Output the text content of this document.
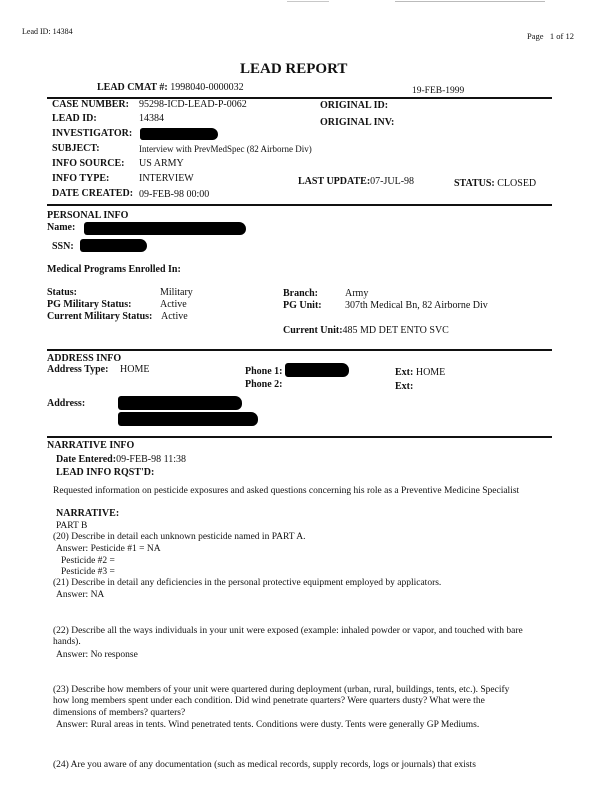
Lead ID: 14384	Page 1 of 12
LEAD REPORT
LEAD CMAT #: 1998040-0000032	19-FEB-1999
CASE NUMBER: 95298-ICD-LEAD-P-0062	ORIGINAL ID:
LEAD ID:	14384	ORIGINAL INV:
INVESTIGATOR:
SUBJECT:	Interview with PrevMedSpec (82 Airborne Div)
INFO SOURCE: US ARMY
INFO TYPE:	INTERVIEW	LAST UPDATE:07-JUL-98	STATUS: CLOSED
DATE CREATED: 09-FEB-98 00:00
PERSONAL INFO
Name:
SSN:
Medical Programs Enrolled In:
Status:	Military
PG Military Status:	Active
Current Military Status: Active
Branch:	Army
PG Unit: 307th Medical Bn, 82 Airborne Div
Current Unit:485 MD DET ENTO SVC
ADDRESS INFO
Address Type: HOME	Phone 1:	Ext: HOME
Phone 2:	Ext:
Address:
NARRATIVE INFO
Date Entered:09-FEB-98 11:38
LEAD INFO RQST'D:
Requested information on pesticide exposures and asked questions concerning his role as a Preventive Medicine Specialist
NARRATIVE:
PART B
(20) Describe in detail each unknown pesticide named in PART A.
Answer: Pesticide #1 = NA
Pesticide #2 =
Pesticide #3 =
(21) Describe in detail any deficiencies in the personal protective equipment employed by applicators.
Answer: NA
(22) Describe all the ways individuals in your unit were exposed (example: inhaled powder or vapor, and touched with bare hands).
Answer: No response
(23) Describe how members of your unit were quartered during deployment (urban, rural, buildings, tents, etc.). Specify how long members spent under each condition. Did wind penetrate quarters? Were quarters dusty? What were the dimensions of members? quarters?
Answer: Rural areas in tents. Wind penetrated tents. Conditions were dusty. Tents were generally GP Mediums.
(24) Are you aware of any documentation (such as medical records, supply records, logs or journals) that exists
